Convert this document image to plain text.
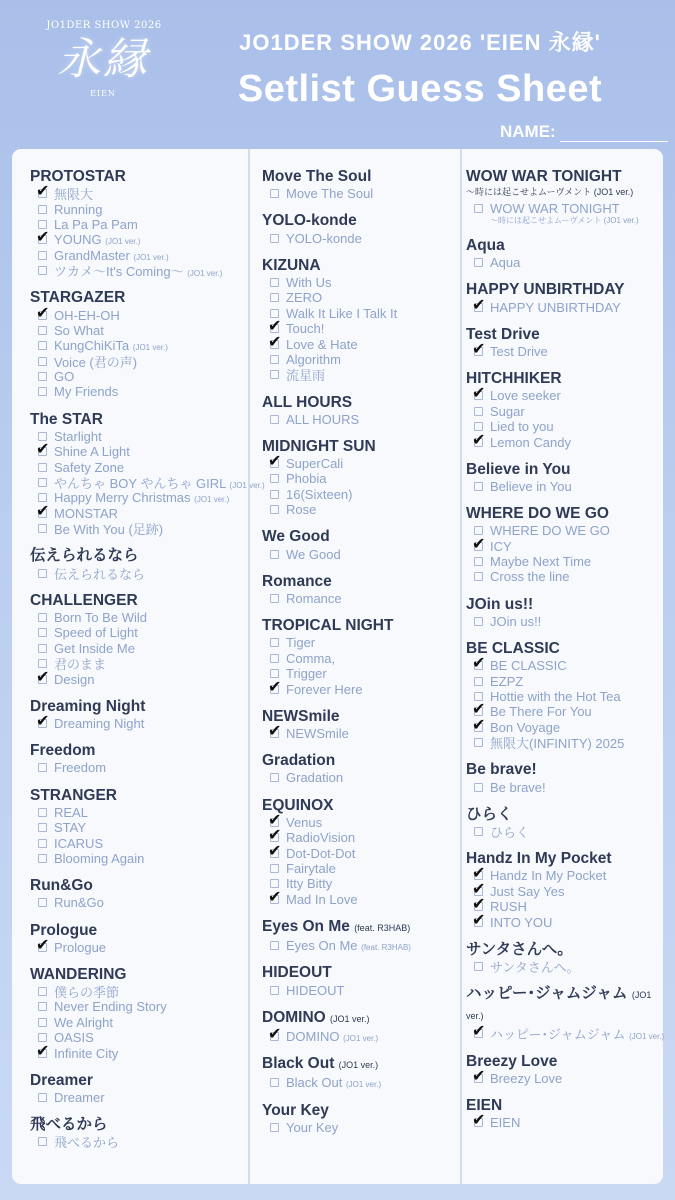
JO1DER SHOW 2026
永縁
EIEN
JO1DER SHOW 2026 'EIEN 永縁'
Setlist Guess Sheet
NAME:
PROTOSTAR
✔
無限大
Running
La Pa Pa Pam
✔
YOUNG (JO1 ver.)
GrandMaster (JO1 ver.)
ツカメ～It's Coming～ (JO1 ver.)
STARGAZER
✔
OH-EH-OH
So What
KungChiKiTa (JO1 ver.)
Voice (君の声)
GO
My Friends
The STAR
Starlight
✔
Shine A Light
Safety Zone
やんちゃ BOY やんちゃ GIRL (JO1 ver.)
Happy Merry Christmas (JO1 ver.)
✔
MONSTAR
Be With You (足跡)
伝えられるなら
伝えられるなら
CHALLENGER
Born To Be Wild
Speed of Light
Get Inside Me
君のまま
✔
Design
Dreaming Night
✔
Dreaming Night
Freedom
Freedom
STRANGER
REAL
STAY
ICARUS
Blooming Again
Run&Go
Run&Go
Prologue
✔
Prologue
WANDERING
僕らの季節
Never Ending Story
We Alright
OASIS
✔
Infinite City
Dreamer
Dreamer
飛べるから
飛べるから
Move The Soul
Move The Soul
YOLO-konde
YOLO-konde
KIZUNA
With Us
ZERO
Walk It Like I Talk It
✔
Touch!
✔
Love & Hate
Algorithm
流星雨
ALL HOURS
ALL HOURS
MIDNIGHT SUN
✔
SuperCali
Phobia
16(Sixteen)
Rose
We Good
We Good
Romance
Romance
TROPICAL NIGHT
Tiger
Comma,
Trigger
✔
Forever Here
NEWSmile
✔
NEWSmile
Gradation
Gradation
EQUINOX
✔
Venus
✔
RadioVision
✔
Dot-Dot-Dot
Fairytale
Itty Bitty
✔
Mad In Love
Eyes On Me (feat. R3HAB)
Eyes On Me (feat. R3HAB)
HIDEOUT
HIDEOUT
DOMINO (JO1 ver.)
✔
DOMINO (JO1 ver.)
Black Out (JO1 ver.)
Black Out (JO1 ver.)
Your Key
Your Key
WOW WAR TONIGHT
～時には起こせよムーヴメント (JO1 ver.)
WOW WAR TONIGHT
～時には起こせよムーヴメント (JO1 ver.)
Aqua
Aqua
HAPPY UNBIRTHDAY
✔
HAPPY UNBIRTHDAY
Test Drive
✔
Test Drive
HITCHHIKER
✔
Love seeker
Sugar
Lied to you
✔
Lemon Candy
Believe in You
Believe in You
WHERE DO WE GO
WHERE DO WE GO
✔
ICY
Maybe Next Time
Cross the line
JOin us!!
JOin us!!
BE CLASSIC
✔
BE CLASSIC
EZPZ
Hottie with the Hot Tea
✔
Be There For You
✔
Bon Voyage
無限大(INFINITY) 2025
Be brave!
Be brave!
ひらく
ひらく
Handz In My Pocket
✔
Handz In My Pocket
✔
Just Say Yes
✔
RUSH
✔
INTO YOU
サンタさんへ。
サンタさんへ。
ハッピー･ジャムジャム (JO1 ver.)
✔
ハッピー･ジャムジャム (JO1 ver.)
Breezy Love
✔
Breezy Love
EIEN
✔
EIEN
